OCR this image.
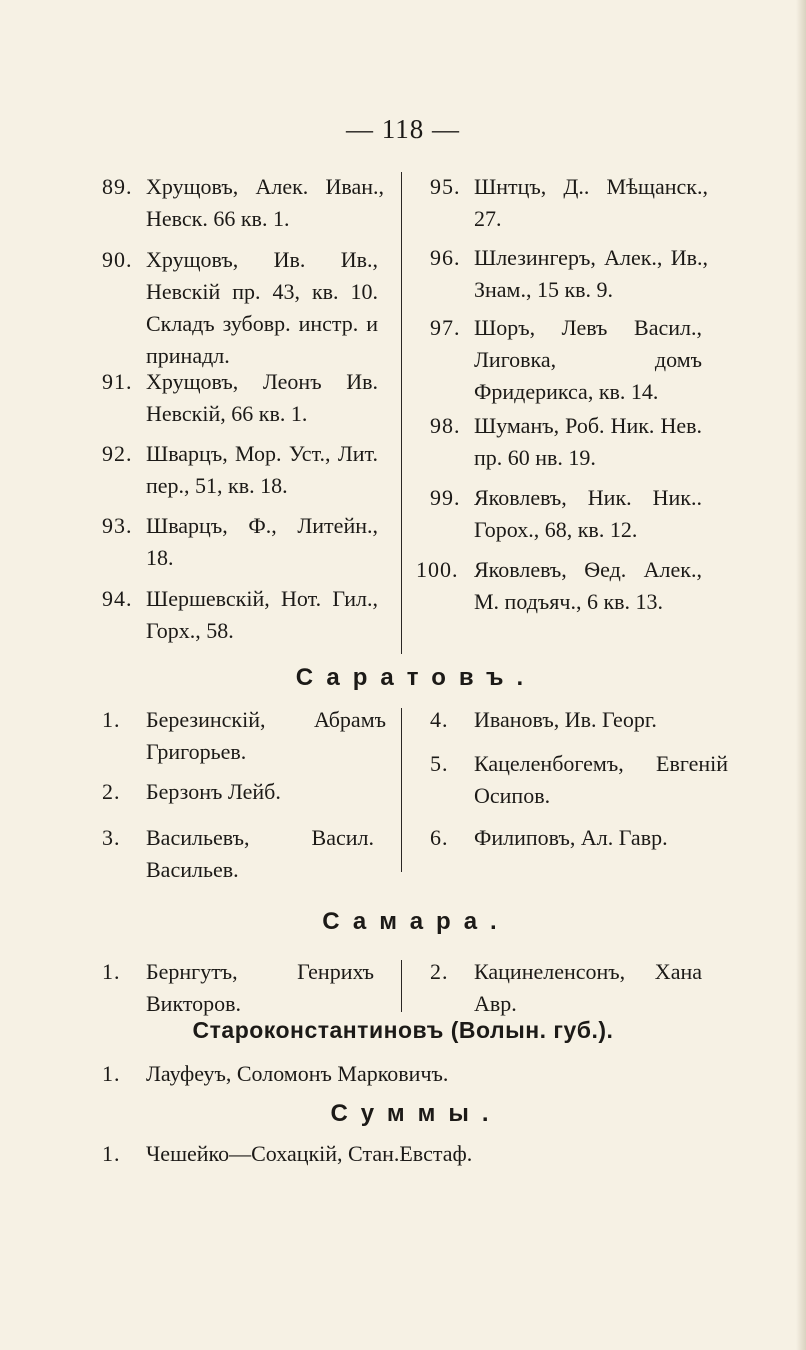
— 118 —
89. Хрущовъ, Алек. Иван., Невск. 66 кв. 1.
90. Хрущовъ, Ив. Ив., Невскій пр. 43, кв. 10. Складъ зубовр. инстр. и принадл.
91. Хрущовъ, Леонъ Ив. Невскій, 66 кв. 1.
92. Шварцъ, Мор. Уст., Лит. пер., 51, кв. 18.
93. Шварцъ, Ф., Литейн., 18.
94. Шершевскій, Нот. Гил., Горх., 58.
95. Шнтцъ, Д.. Мѣщанск., 27.
96. Шлезингеръ, Алек., Ив., Знам., 15 кв. 9.
97. Шоръ, Левъ Васил., Лиговка, домъ Фридерикса, кв. 14.
98. Шуманъ, Роб. Ник. Нев. пр. 60 нв. 19.
99. Яковлевъ, Ник. Ник.. Горох., 68, кв. 12.
100. Яковлевъ, Ѳед. Алек., М. подъяч., 6 кв. 13.
Саратовъ.
1.	Березинскій, Абрамъ Григорьев.
2.	Берзонъ Лейб.
3.	Васильевъ, Васил. Васильев.
4.	Ивановъ, Ив. Георг.
5.	Кацеленбогемъ, Евгеній Осипов.
6.	Филиповъ, Ал. Гавр.
Самара.
1.	Бернгутъ, Генрихъ Викторов.
2.	Кацинеленсонъ, Хана Авр.
Староконстантиновъ (Волын. губ.).
1.	Лауфеуъ, Соломонъ Марковичъ.
Суммы.
1.	Чешейко—Сохацкій, Стан.Евстаф.
